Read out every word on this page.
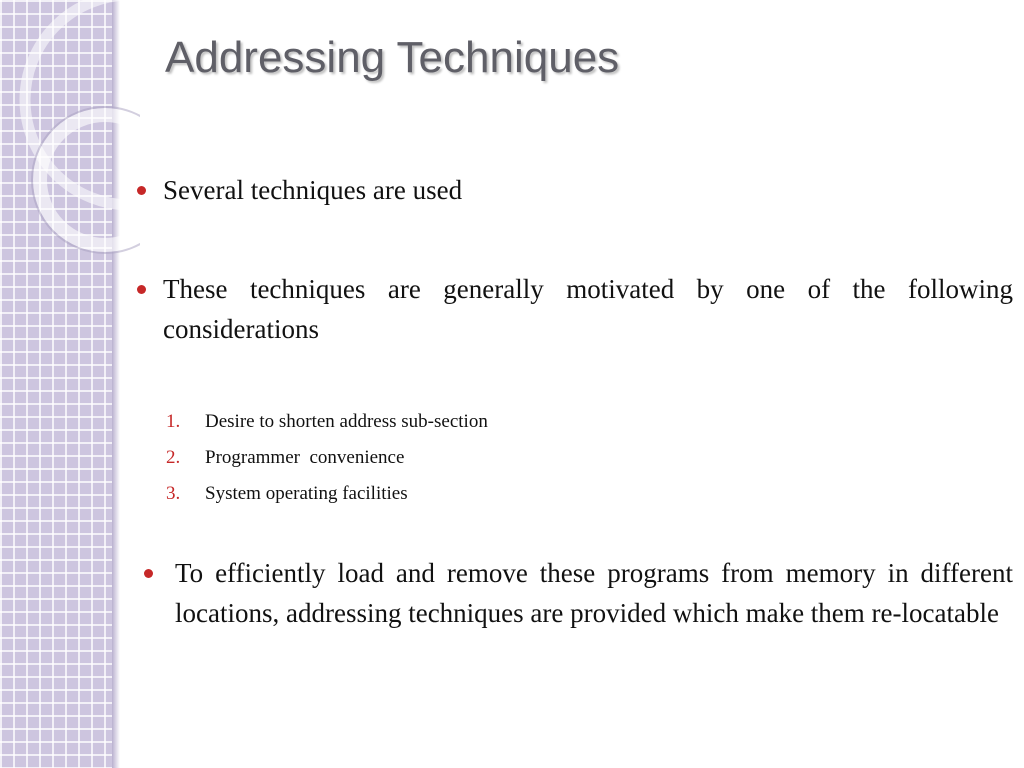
Addressing Techniques
Several techniques are used
These techniques are generally motivated by one of the following considerations

1.

Desire to shorten address sub-section

2.

Programmer  convenience

3.

System operating facilities

To efficiently load and remove these programs from memory in different locations, addressing techniques are provided which make them re-locatable
